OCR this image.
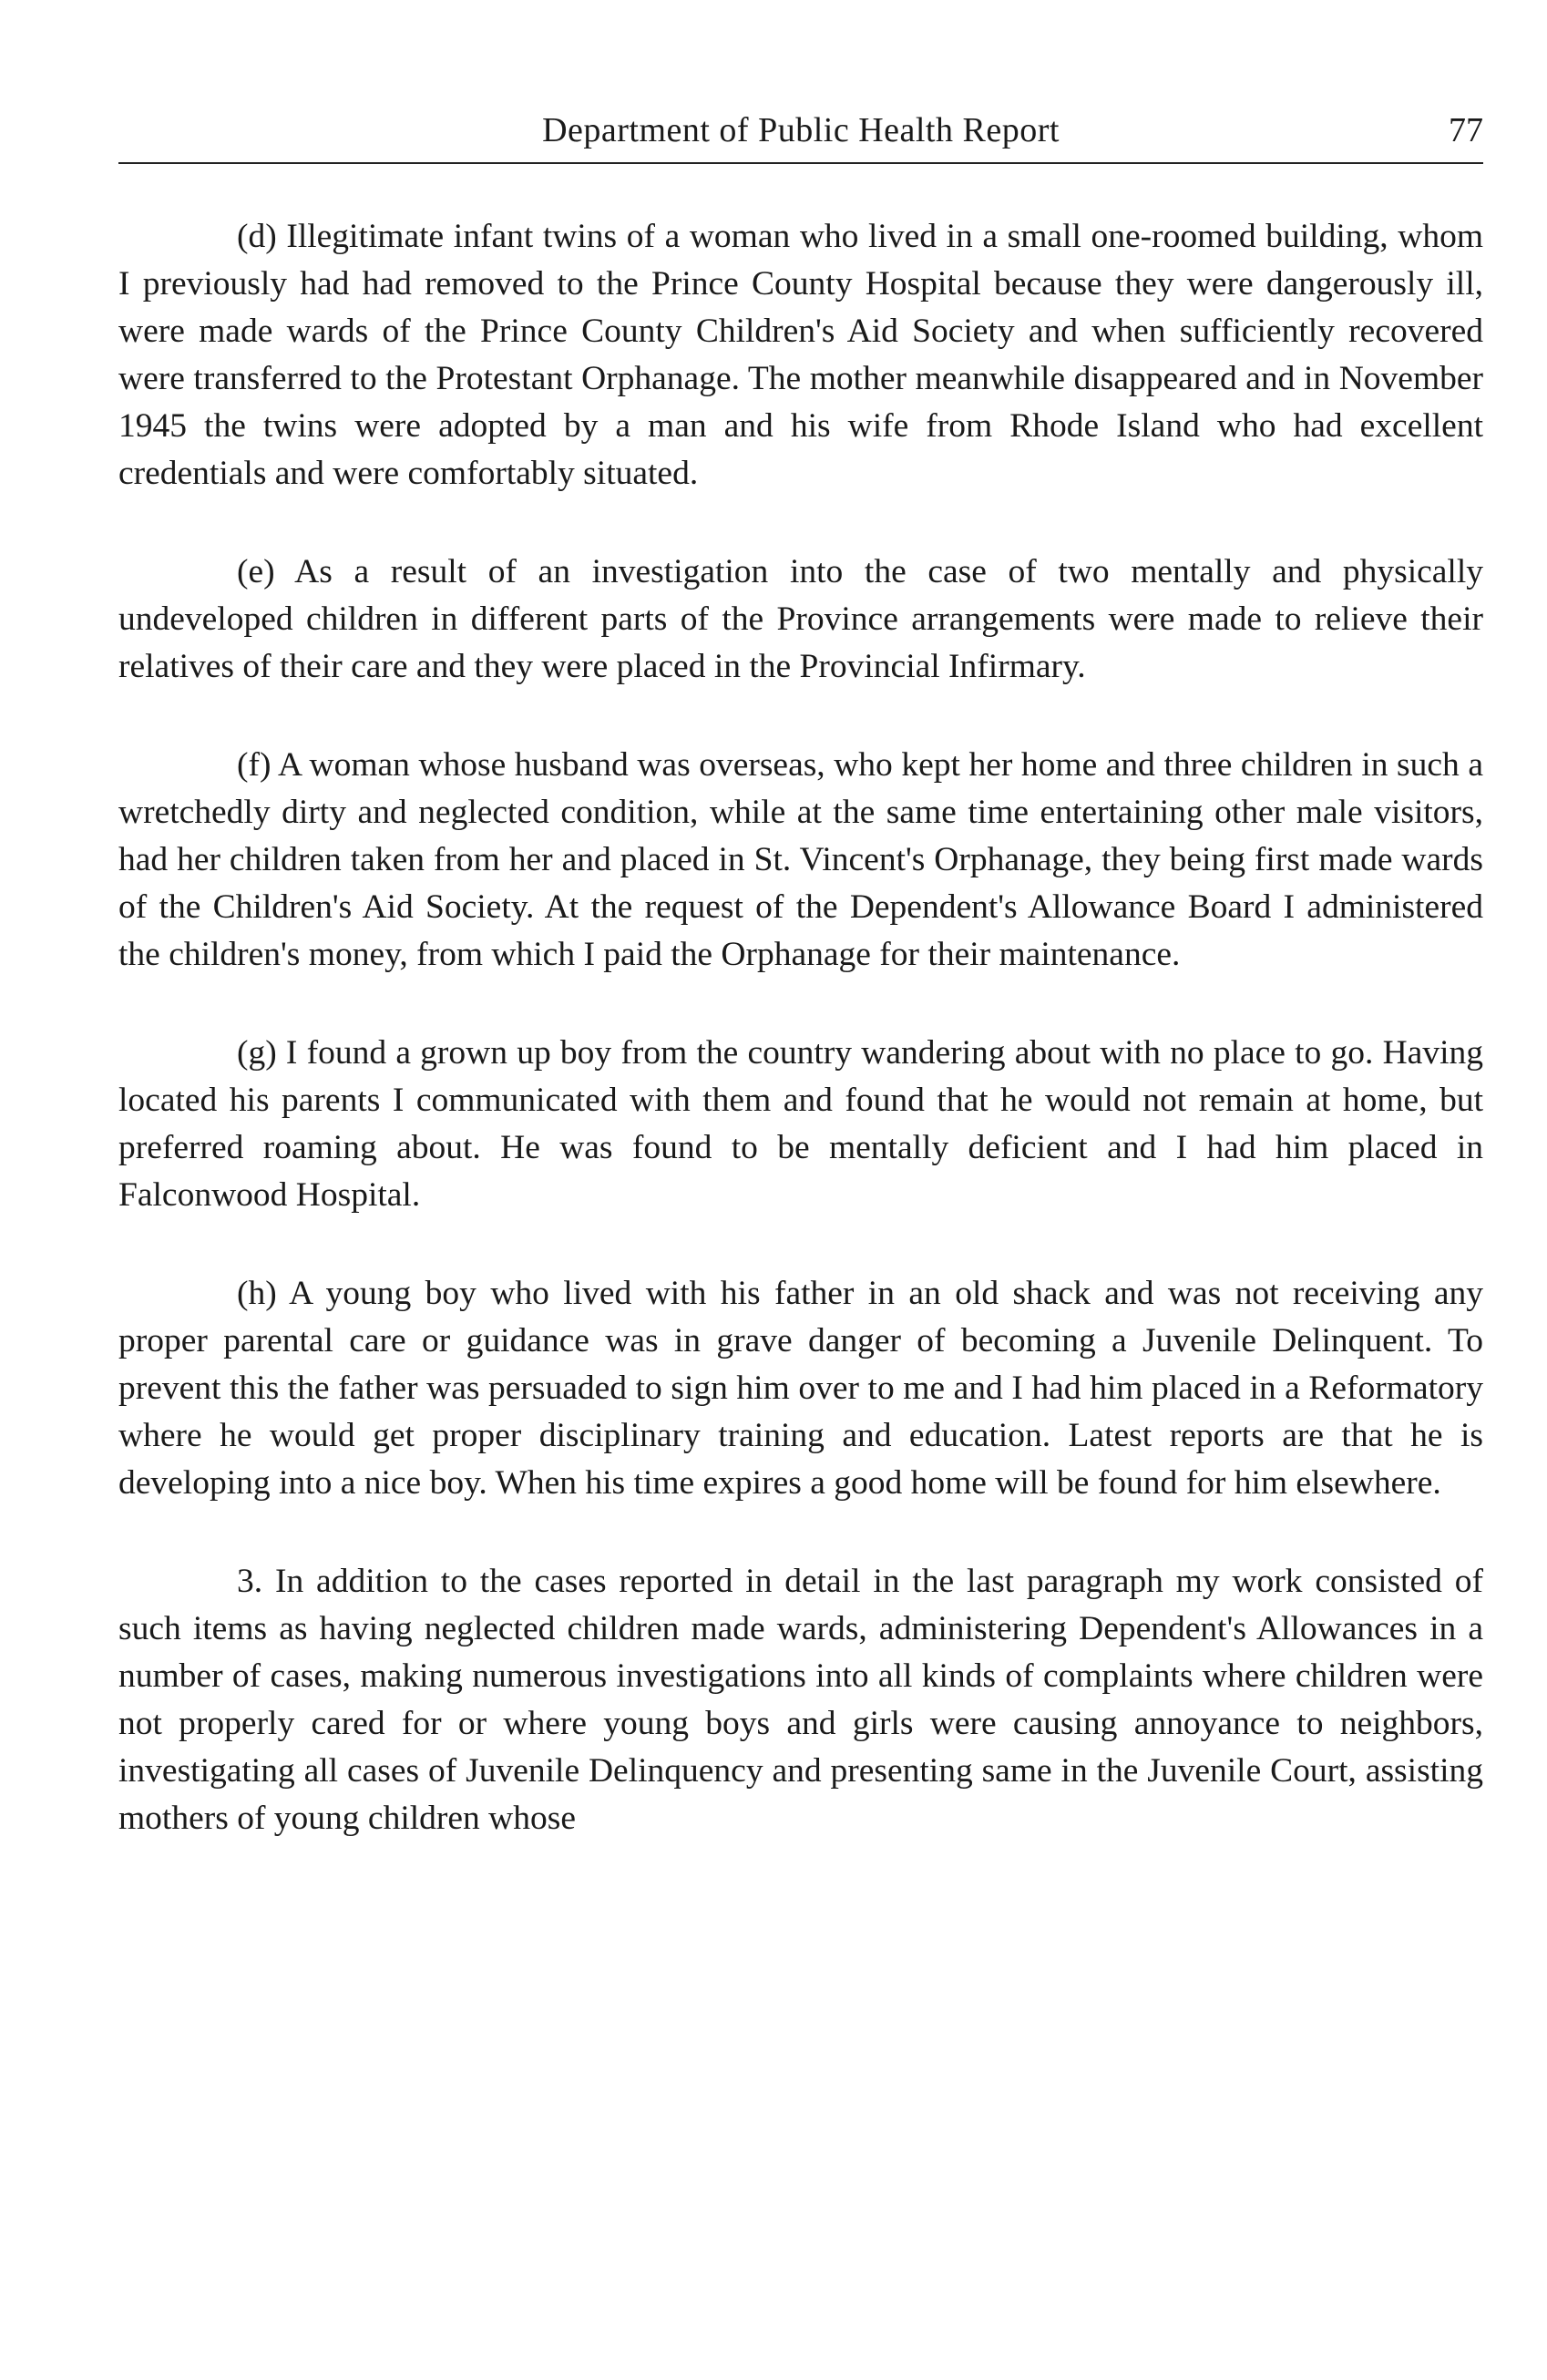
Department of Public Health Report	77

(d) Illegitimate infant twins of a woman who lived in a small one-roomed building, whom I previously had had removed to the Prince County Hospital because they were dangerously ill, were made wards of the Prince County Children's Aid Society and when sufficiently recovered were transferred to the Protestant Orphanage. The mother meanwhile disappeared and in November 1945 the twins were adopted by a man and his wife from Rhode Island who had excellent credentials and were comfortably situated.

(e) As a result of an investigation into the case of two mentally and physically undeveloped children in different parts of the Province arrangements were made to relieve their relatives of their care and they were placed in the Provincial Infirmary.

(f) A woman whose husband was overseas, who kept her home and three children in such a wretchedly dirty and neglected condition, while at the same time entertaining other male visitors, had her children taken from her and placed in St. Vincent's Orphanage, they being first made wards of the Children's Aid Society. At the request of the Dependent's Allowance Board I administered the children's money, from which I paid the Orphanage for their maintenance.

(g) I found a grown up boy from the country wandering about with no place to go. Having located his parents I communicated with them and found that he would not remain at home, but preferred roaming about. He was found to be mentally deficient and I had him placed in Falconwood Hospital.

(h) A young boy who lived with his father in an old shack and was not receiving any proper parental care or guidance was in grave danger of becoming a Juvenile Delinquent. To prevent this the father was persuaded to sign him over to me and I had him placed in a Reformatory where he would get proper disciplinary training and education. Latest reports are that he is developing into a nice boy. When his time expires a good home will be found for him elsewhere.

3. In addition to the cases reported in detail in the last paragraph my work consisted of such items as having neglected children made wards, administering Dependent's Allowances in a number of cases, making numerous investigations into all kinds of complaints where children were not properly cared for or where young boys and girls were causing annoyance to neighbors, investigating all cases of Juvenile Delinquency and presenting same in the Juvenile Court, assisting mothers of young children whose
